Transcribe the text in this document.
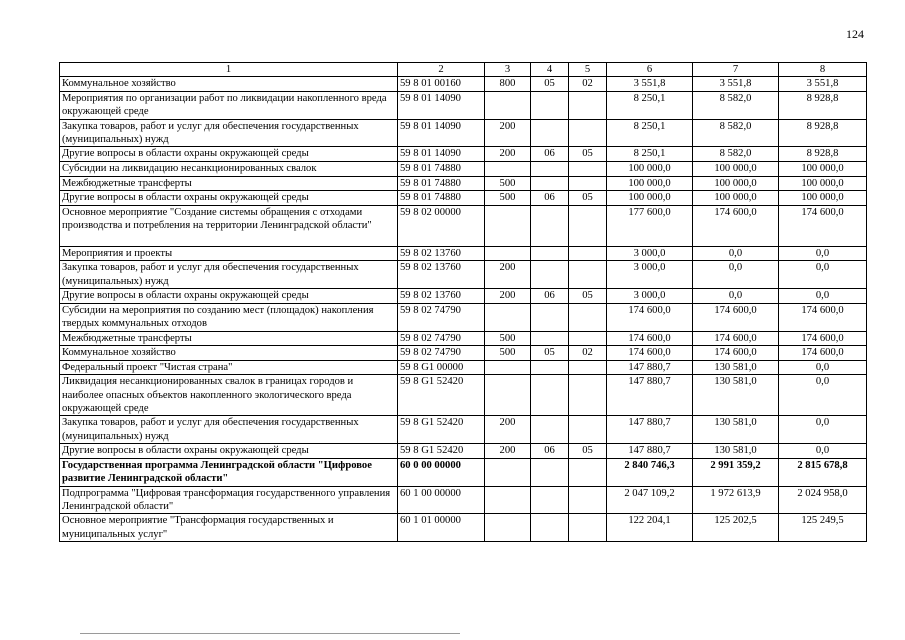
124
1	2	3	4	5	6	7	8
Коммунальное хозяйство	59 8 01 00160	800	05	02	3 551,8	3 551,8	3 551,8
Мероприятия по организации работ по ликвидации накопленного вреда окружающей среде	59 8 01 14090				8 250,1	8 582,0	8 928,8
Закупка товаров, работ и услуг для обеспечения государственных (муниципальных) нужд	59 8 01 14090	200			8 250,1	8 582,0	8 928,8
Другие вопросы в области охраны окружающей среды	59 8 01 14090	200	06	05	8 250,1	8 582,0	8 928,8
Субсидии на ликвидацию несанкционированных свалок	59 8 01 74880				100 000,0	100 000,0	100 000,0
Межбюджетные трансферты	59 8 01 74880	500			100 000,0	100 000,0	100 000,0
Другие вопросы в области охраны окружающей среды	59 8 01 74880	500	06	05	100 000,0	100 000,0	100 000,0
Основное мероприятие "Создание системы обращения с отходами производства и потребления на территории Ленинградской области"	59 8 02 00000				177 600,0	174 600,0	174 600,0
Мероприятия и проекты	59 8 02 13760				3 000,0	0,0	0,0
Закупка товаров, работ и услуг для обеспечения государственных (муниципальных) нужд	59 8 02 13760	200			3 000,0	0,0	0,0
Другие вопросы в области охраны окружающей среды	59 8 02 13760	200	06	05	3 000,0	0,0	0,0
Субсидии на мероприятия по созданию мест (площадок) накопления твердых коммунальных отходов	59 8 02 74790				174 600,0	174 600,0	174 600,0
Межбюджетные трансферты	59 8 02 74790	500			174 600,0	174 600,0	174 600,0
Коммунальное хозяйство	59 8 02 74790	500	05	02	174 600,0	174 600,0	174 600,0
Федеральный проект "Чистая страна"	59 8 G1 00000				147 880,7	130 581,0	0,0
Ликвидация несанкционированных свалок в границах городов и наиболее опасных объектов накопленного экологического вреда окружающей среде	59 8 G1 52420				147 880,7	130 581,0	0,0
Закупка товаров, работ и услуг для обеспечения государственных (муниципальных) нужд	59 8 G1 52420	200			147 880,7	130 581,0	0,0
Другие вопросы в области охраны окружающей среды	59 8 G1 52420	200	06	05	147 880,7	130 581,0	0,0
Государственная программа Ленинградской области "Цифровое развитие Ленинградской области"	60 0 00 00000				2 840 746,3	2 991 359,2	2 815 678,8
Подпрограмма "Цифровая трансформация государственного управления Ленинградской области"	60 1 00 00000				2 047 109,2	1 972 613,9	2 024 958,0
Основное мероприятие "Трансформация государственных и муниципальных услуг"	60 1 01 00000				122 204,1	125 202,5	125 249,5
